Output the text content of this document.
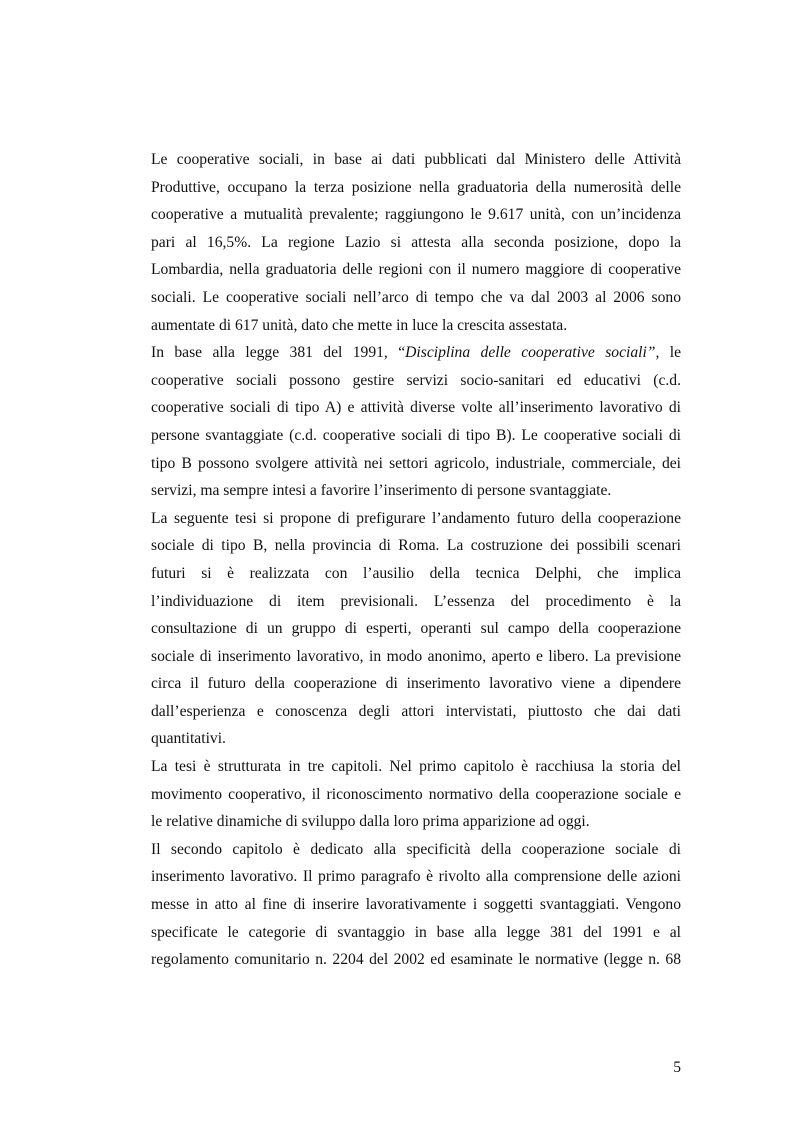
Le cooperative sociali, in base ai dati pubblicati dal Ministero delle Attività
Produttive, occupano la terza posizione nella graduatoria della numerosità delle
cooperative a mutualità prevalente; raggiungono le 9.617 unità, con un’incidenza
pari al 16,5%. La regione Lazio si attesta alla seconda posizione, dopo la
Lombardia, nella graduatoria delle regioni con il numero maggiore di cooperative
sociali. Le cooperative sociali nell’arco di tempo che va dal 2003 al 2006 sono
aumentate di 617 unità, dato che mette in luce la crescita assestata.

In base alla legge 381 del 1991, “Disciplina delle cooperative sociali”, le
cooperative sociali possono gestire servizi socio-sanitari ed educativi (c.d.
cooperative sociali di tipo A) e attività diverse volte all’inserimento lavorativo di
persone svantaggiate (c.d. cooperative sociali di tipo B). Le cooperative sociali di
tipo B possono svolgere attività nei settori agricolo, industriale, commerciale, dei
servizi, ma sempre intesi a favorire l’inserimento di persone svantaggiate.

La seguente tesi si propone di prefigurare l’andamento futuro della cooperazione
sociale di tipo B, nella provincia di Roma. La costruzione dei possibili scenari
futuri si è realizzata con l’ausilio della tecnica Delphi, che implica
l’individuazione di item previsionali. L’essenza del procedimento è la
consultazione di un gruppo di esperti, operanti sul campo della cooperazione
sociale di inserimento lavorativo, in modo anonimo, aperto e libero. La previsione
circa il futuro della cooperazione di inserimento lavorativo viene a dipendere
dall’esperienza e conoscenza degli attori intervistati, piuttosto che dai dati
quantitativi.

La tesi è strutturata in tre capitoli. Nel primo capitolo è racchiusa la storia del
movimento cooperativo, il riconoscimento normativo della cooperazione sociale e
le relative dinamiche di sviluppo dalla loro prima apparizione ad oggi.

Il secondo capitolo è dedicato alla specificità della cooperazione sociale di
inserimento lavorativo. Il primo paragrafo è rivolto alla comprensione delle azioni
messe in atto al fine di inserire lavorativamente i soggetti svantaggiati. Vengono
specificate le categorie di svantaggio in base alla legge 381 del 1991 e al
regolamento comunitario n. 2204 del 2002 ed esaminate le normative (legge n. 68

5
